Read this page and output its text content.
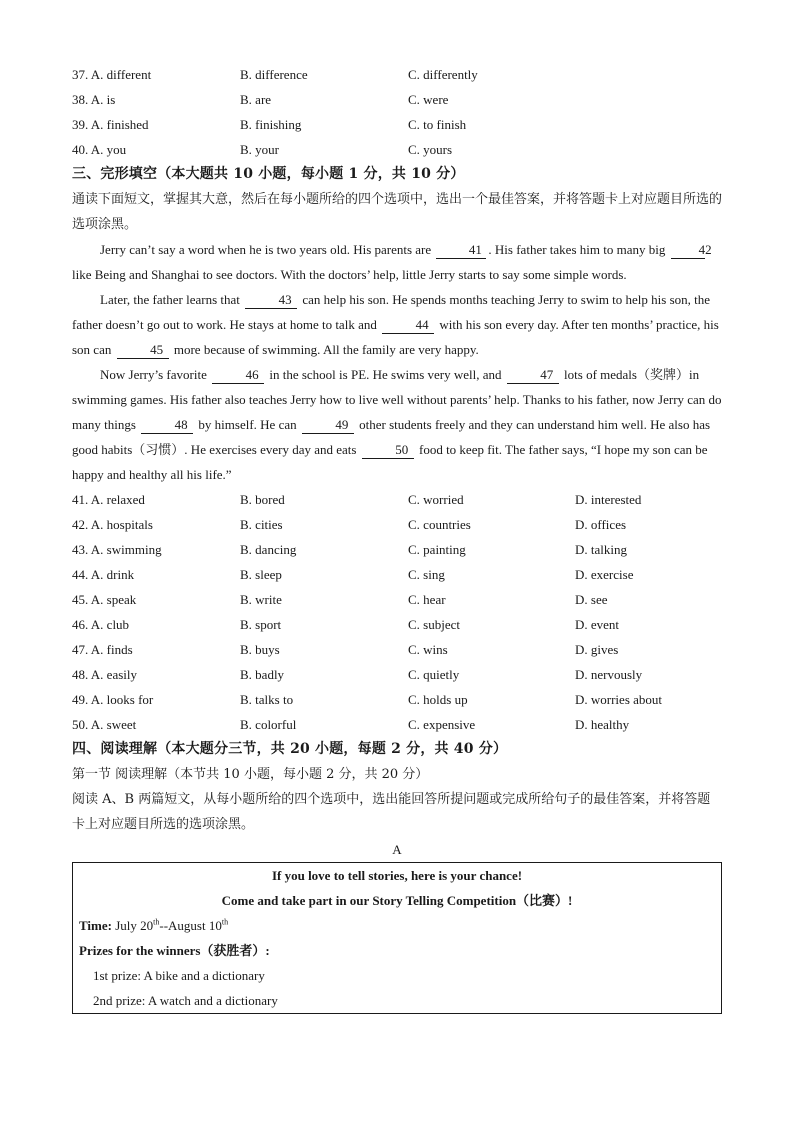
37. A. different	B. difference	C. differently
38. A. is	B. are	C. were
39. A. finished	B. finishing	C. to finish
40. A. you	B. your	C. yours
三、完形填空（本大题共 10 小题，每小题 1 分，共 10 分）
通读下面短文，掌握其大意，然后在每小题所给的四个选项中，选出一个最佳答案，并将答题卡上对应题目所选的选项涂黑。
Jerry can’t say a word when he is two years old. His parents are	41 . His father takes him to many big	42 like Being and Shanghai to see doctors. With the doctors’ help, little Jerry starts to say some simple words.
Later, the father learns that	43 can help his son. He spends months teaching Jerry to swim to help his son, the father doesn’t go out to work. He stays at home to talk and	44 with his son every day. After ten months’ practice, his son can	45 more because of swimming. All the family are very happy.
Now Jerry’s favorite	46 in the school is PE. He swims very well, and	47 lots of medals（奖牌）in swimming games. His father also teaches Jerry how to live well without parents’ help. Thanks to his father, now Jerry can do many things	48 by himself. He can	49 other students freely and they can understand him well. He also has good habits（习惯）. He exercises every day and eats	50 food to keep fit. The father says, “I hope my son can be happy and healthy all his life.”
41. A. relaxed	B. bored	C. worried	D. interested
42. A. hospitals	B. cities	C. countries	D. offices
43. A. swimming	B. dancing	C. painting	D. talking
44. A. drink	B. sleep	C. sing	D. exercise
45. A. speak	B. write	C. hear	D. see
46. A. club	B. sport	C. subject	D. event
47. A. finds	B. buys	C. wins	D. gives
48. A. easily	B. badly	C. quietly	D. nervously
49. A. looks for	B. talks to	C. holds up	D. worries about
50. A. sweet	B. colorful	C. expensive	D. healthy
四、阅读理解（本大题分三节，共 20 小题，每题 2 分，共 40 分）
第一节 阅读理解（本节共 10 小题，每小题 2 分，共 20 分）
阅读 A、B 两篇短文，从每小题所给的四个选项中，选出能回答所提问题或完成所给句子的最佳答案，并将答题卡上对应题目所选的选项涂黑。
A
If you love to tell stories, here is your chance!
Come and take part in our Story Telling Competition（比赛）!
Time: July 20th--August 10th
Prizes for the winners（获胜者）:
1st prize: A bike and a dictionary
2nd prize: A watch and a dictionary
